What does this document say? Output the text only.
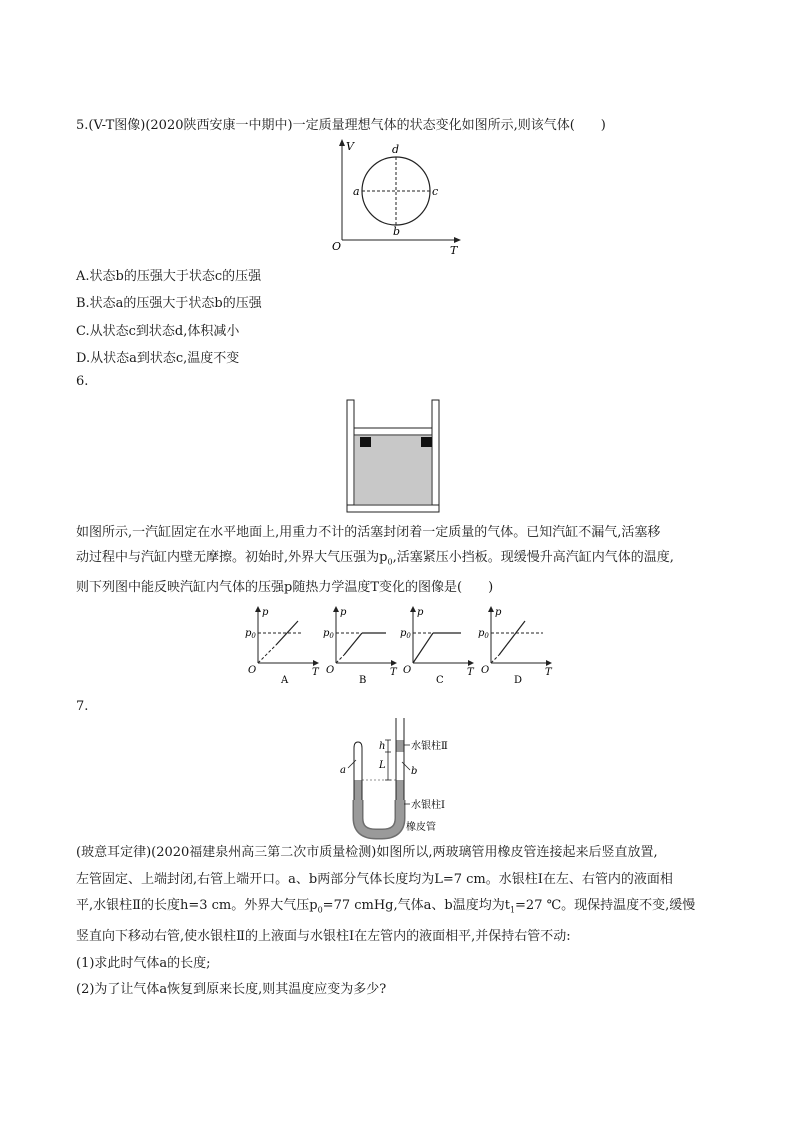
5.(V-T图像)(2020陕西安康一中期中)一定质量理想气体的状态变化如图所示,则该气体(　　)
V
T
O
a
b
c
d
A.状态b的压强大于状态c的压强
B.状态a的压强大于状态b的压强
C.从状态c到状态d,体积减小
D.从状态a到状态c,温度不变
6.
如图所示,一汽缸固定在水平地面上,用重力不计的活塞封闭着一定质量的气体。已知汽缸不漏气,活塞移
动过程中与汽缸内壁无摩擦。初始时,外界大气压强为$p_0$,活塞紧压小挡板。现缓慢升高汽缸内气体的温度,
则下列图中能反映汽缸内气体的压强p随热力学温度T变化的图像是(　　)
p
$p_0$
O	T
A
p
$p_0$
O	T
B
p
$p_0$
O	T
C
p
$p_0$
O	T
D
7.
h
L
a	b
水银柱Ⅱ
水银柱Ⅰ
橡皮管
(玻意耳定律)(2020福建泉州高三第二次市质量检测)如图所以,两玻璃管用橡皮管连接起来后竖直放置,
左管固定、上端封闭,右管上端开口。a、b两部分气体长度均为L=7 cm。水银柱Ⅰ在左、右管内的液面相
平,水银柱Ⅱ的长度h=3 cm。外界大气压$p_0=77$ cmHg,气体a、b温度均为$t_1=27$ ℃。现保持温度不变,缓慢
竖直向下移动右管,使水银柱Ⅱ的上液面与水银柱Ⅰ在左管内的液面相平,并保持右管不动:
(1)求此时气体a的长度;
(2)为了让气体a恢复到原来长度,则其温度应变为多少?
